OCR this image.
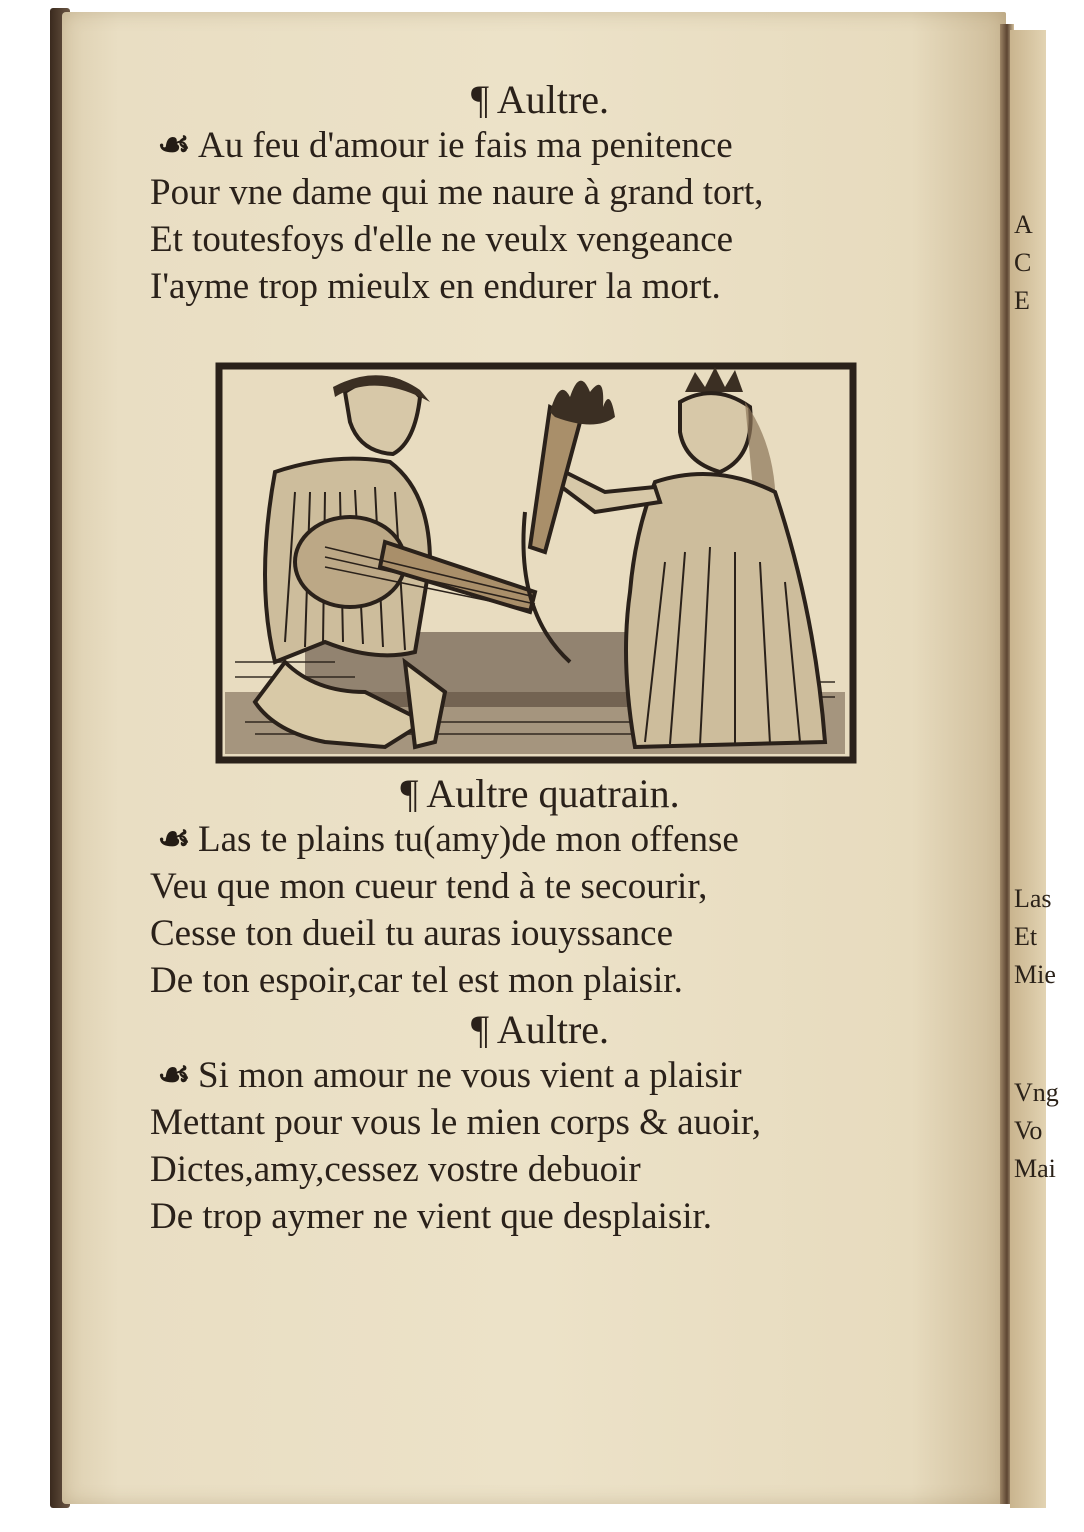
A
C
E
Las
Et
Mie
Vng
Vo
Mai

¶ Aultre.

☙ Au feu d'amour ie fais ma penitence

Pour vne dame qui me naure à grand tort,

Et toutesfoys d'elle ne veulx vengeance

I'ayme trop mieulx en endurer la mort.

¶ Aultre quatrain.

☙ Las te plains tu(amy)de mon offense

Veu que mon cueur tend à te secourir,

Cesse ton dueil tu auras iouyssance

De ton espoir,car tel est mon plaisir.

¶ Aultre.

☙ Si mon amour ne vous vient a plaisir

Mettant pour vous le mien corps & auoir,

Dictes,amy,cessez vostre debuoir

De trop aymer ne vient que desplaisir.
